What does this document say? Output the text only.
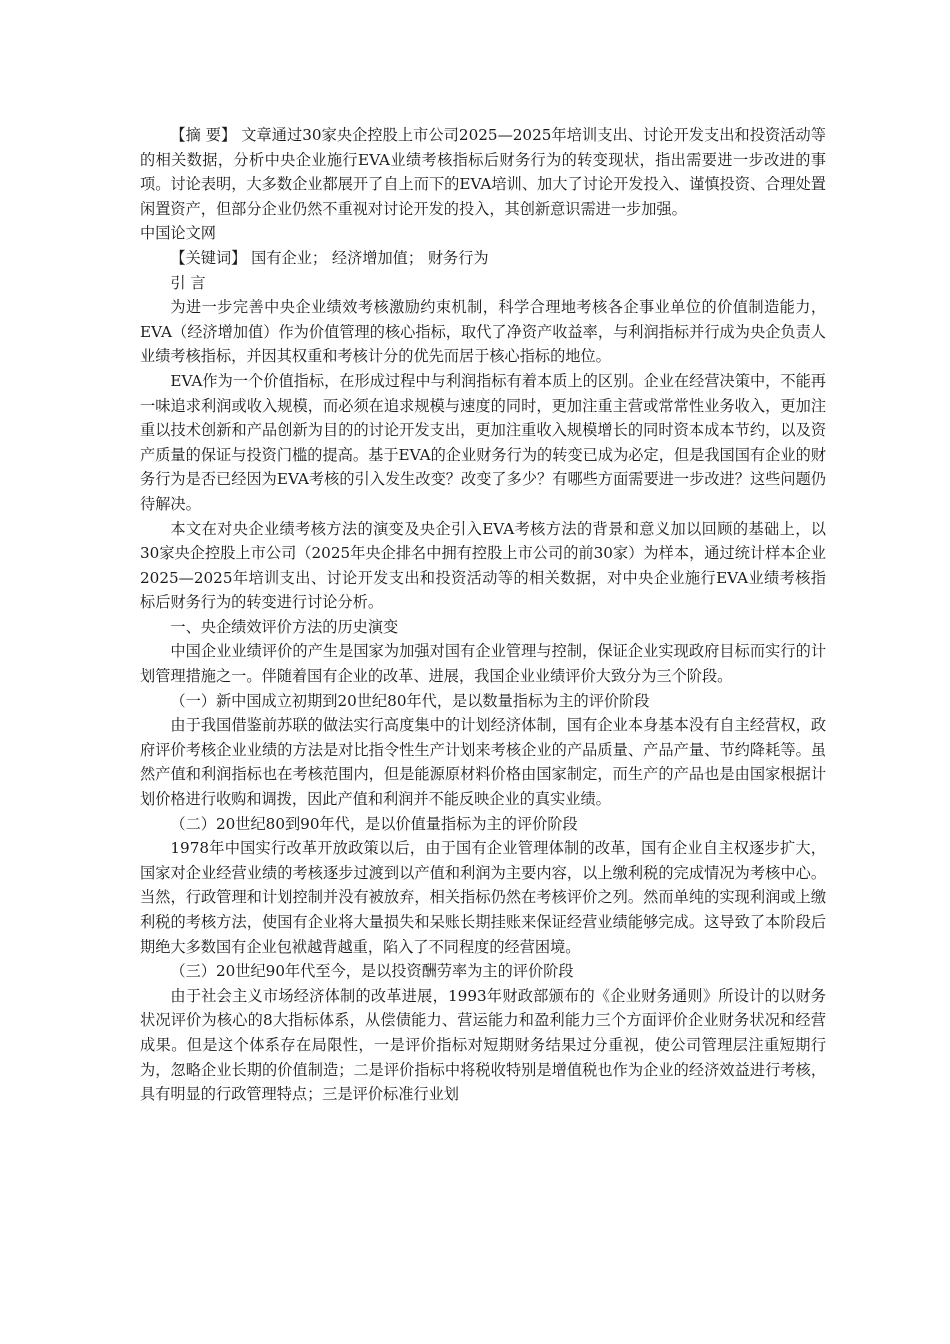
【摘 要】 文章通过30家央企控股上市公司2025—2025年培训支出、讨论开发支出和投资活动等的相关数据，分析中央企业施行EVA业绩考核指标后财务行为的转变现状，指出需要进一步改进的事项。讨论表明，大多数企业都展开了自上而下的EVA培训、加大了讨论开发投入、谨慎投资、合理处置闲置资产，但部分企业仍然不重视对讨论开发的投入，其创新意识需进一步加强。

中国论文网

【关键词】 国有企业； 经济增加值； 财务行为

引 言

为进一步完善中央企业绩效考核激励约束机制，科学合理地考核各企事业单位的价值制造能力，EVA（经济增加值）作为价值管理的核心指标，取代了净资产收益率，与利润指标并行成为央企负责人业绩考核指标，并因其权重和考核计分的优先而居于核心指标的地位。

EVA作为一个价值指标，在形成过程中与利润指标有着本质上的区别。企业在经营决策中，不能再一味追求利润或收入规模，而必须在追求规模与速度的同时，更加注重主营或常常性业务收入，更加注重以技术创新和产品创新为目的的讨论开发支出，更加注重收入规模增长的同时资本成本节约，以及资产质量的保证与投资门槛的提高。基于EVA的企业财务行为的转变已成为必定，但是我国国有企业的财务行为是否已经因为EVA考核的引入发生改变？改变了多少？有哪些方面需要进一步改进？这些问题仍待解决。

本文在对央企业绩考核方法的演变及央企引入EVA考核方法的背景和意义加以回顾的基础上，以30家央企控股上市公司（2025年央企排名中拥有控股上市公司的前30家）为样本，通过统计样本企业2025—2025年培训支出、讨论开发支出和投资活动等的相关数据，对中央企业施行EVA业绩考核指标后财务行为的转变进行讨论分析。

一、央企绩效评价方法的历史演变

中国企业业绩评价的产生是国家为加强对国有企业管理与控制，保证企业实现政府目标而实行的计划管理措施之一。伴随着国有企业的改革、进展，我国企业业绩评价大致分为三个阶段。

（一）新中国成立初期到20世纪80年代，是以数量指标为主的评价阶段

由于我国借鉴前苏联的做法实行高度集中的计划经济体制，国有企业本身基本没有自主经营权，政府评价考核企业业绩的方法是对比指令性生产计划来考核企业的产品质量、产品产量、节约降耗等。虽然产值和利润指标也在考核范围内，但是能源原材料价格由国家制定，而生产的产品也是由国家根据计划价格进行收购和调拨，因此产值和利润并不能反映企业的真实业绩。

（二）20世纪80到90年代，是以价值量指标为主的评价阶段

1978年中国实行改革开放政策以后，由于国有企业管理体制的改革，国有企业自主权逐步扩大，国家对企业经营业绩的考核逐步过渡到以产值和利润为主要内容，以上缴利税的完成情况为考核中心。当然，行政管理和计划控制并没有被放弃，相关指标仍然在考核评价之列。然而单纯的实现利润或上缴利税的考核方法，使国有企业将大量损失和呆账长期挂账来保证经营业绩能够完成。这导致了本阶段后期绝大多数国有企业包袱越背越重，陷入了不同程度的经营困境。

（三）20世纪90年代至今，是以投资酬劳率为主的评价阶段

由于社会主义市场经济体制的改革进展，1993年财政部颁布的《企业财务通则》所设计的以财务状况评价为核心的8大指标体系，从偿债能力、营运能力和盈利能力三个方面评价企业财务状况和经营成果。但是这个体系存在局限性，一是评价指标对短期财务结果过分重视，使公司管理层注重短期行为，忽略企业长期的价值制造；二是评价指标中将税收特别是增值税也作为企业的经济效益进行考核，具有明显的行政管理特点；三是评价标准行业划
